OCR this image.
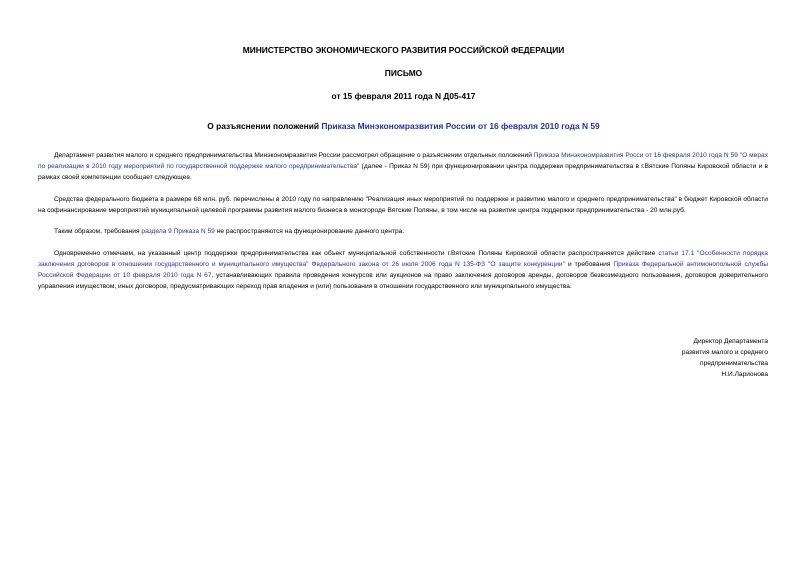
МИНИСТЕРСТВО ЭКОНОМИЧЕСКОГО РАЗВИТИЯ РОССИЙСКОЙ ФЕДЕРАЦИИ
ПИСЬМО
от 15 февраля 2011 года N Д05-417
О разъяснении положений Приказа Минэкономразвития России от 16 февраля 2010 года N 59

Департамент развития малого и среднего предпринимательства Минэкономразвития России рассмотрел обращение о разъяснении отдельных положений Приказа Минэкономразвития Росси от 16 февраля 2010 года N 59 "О мерах по реализации в 2010 году мероприятий по государственной поддержке малого предпринимательства" (далее - Приказ N 59) при функционировании центра поддержки предпринимательства в г.Вятские Поляны Кировской области и в рамках своей компетенции сообщает следующее.

Средства федерального бюджета в размере 68 млн. руб. перечислены в 2010 году по направлению "Реализация иных мероприятий по поддержке и развитию малого и среднего предпринимательства" в бюджет Кировской области на софинансирование мероприятий муниципальной целевой программы развития малого бизнеса в моногороде Вятские Поляны, в том числе на развитие центра поддержки предпринимательства - 20 млн.руб.

Таким образом, требования раздела 9 Приказа N 59 не распространяются на функционирование данного центра.

Одновременно отмечаем, на указанный центр поддержки предпринимательства как объект муниципальной собственности г.Вятские Поляны Кировской области распространяется действие статьи 17.1 "Особенности порядка заключения договоров в отношении государственного и муниципального имущества" Федерального закона от 26 июля 2006 года N 135-ФЗ "О защите конкуренции" и требования Приказа Федеральной антимонопольной службы Российской Федерации от 10 февраля 2010 года N 67, устанавливающих правила проведения конкурсов или аукционов на право заключения договоров аренды, договоров безвозмездного пользования, договоров доверительного управления имуществом, иных договоров, предусматривающих переход прав владения и (или) пользования в отношении государственного или муниципального имущества.

Директор Департамента
развития малого и среднего
предпринимательства
Н.И.Ларионова
